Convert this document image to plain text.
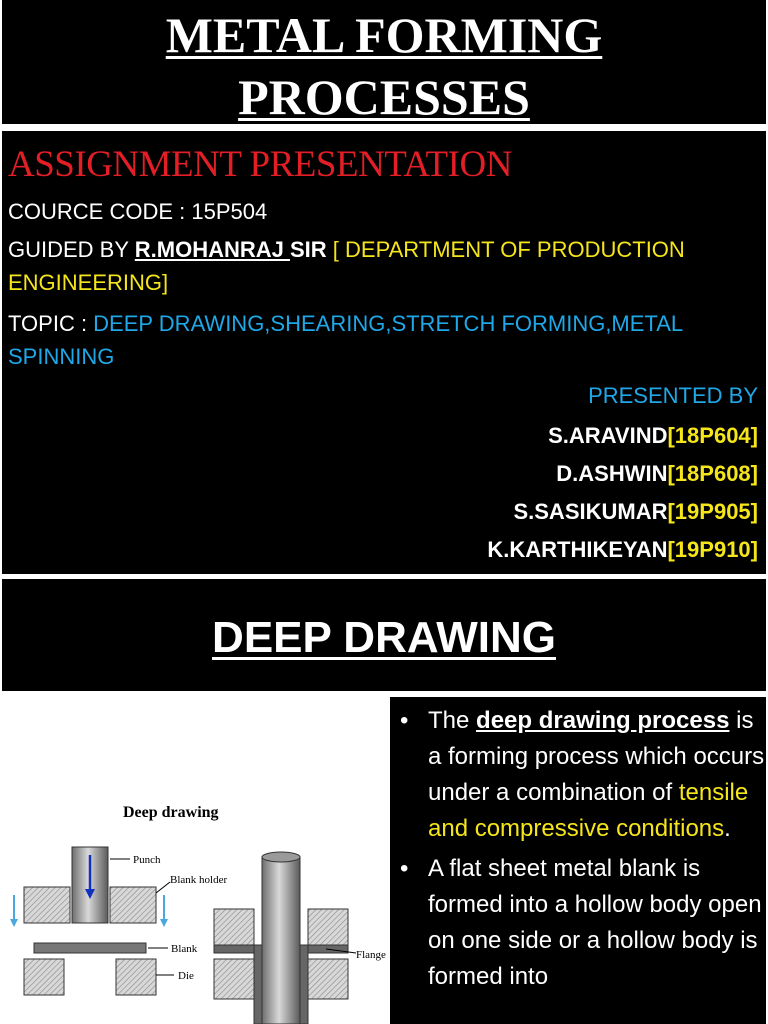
METAL FORMING
PROCESSES
ASSIGNMENT PRESENTATION
COURCE CODE : 15P504
GUIDED BY R.MOHANRAJ SIR [ DEPARTMENT OF PRODUCTION
ENGINEERING]
TOPIC : DEEP DRAWING,SHEARING,STRETCH FORMING,METAL
SPINNING
PRESENTED BY
S.ARAVIND[18P604]
D.ASHWIN[18P608]
S.SASIKUMAR[19P905]
K.KARTHIKEYAN[19P910]
DEEP DRAWING
Deep drawing
Punch
Blank holder
Blank
Die
Flange
• The deep drawing process is a forming process which occurs under a combination of tensile and compressive conditions.
• A flat sheet metal blank is formed into a hollow body open on one side or a hollow body is formed into
